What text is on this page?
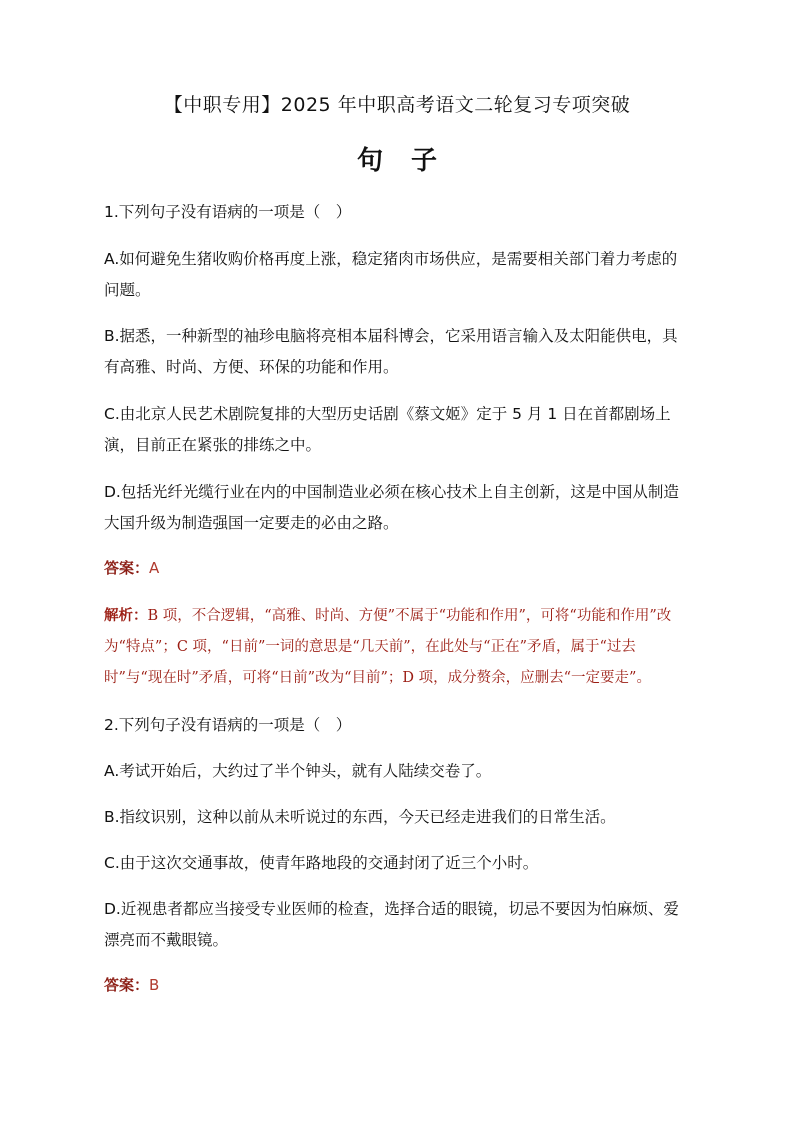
【中职专用】2025 年中职高考语文二轮复习专项突破
句子

1.下列句子没有语病的一项是（　）

A.如何避免生猪收购价格再度上涨，稳定猪肉市场供应，是需要相关部门着力考虑的问题。

B.据悉，一种新型的袖珍电脑将亮相本届科博会，它采用语言输入及太阳能供电，具有高雅、时尚、方便、环保的功能和作用。

C.由北京人民艺术剧院复排的大型历史话剧《蔡文姬》定于 5 月 1 日在首都剧场上演，目前正在紧张的排练之中。

D.包括光纤光缆行业在内的中国制造业必须在核心技术上自主创新，这是中国从制造大国升级为制造强国一定要走的必由之路。

答案：A

解析：B 项，不合逻辑，“高雅、时尚、方便”不属于“功能和作用”，可将“功能和作用”改为“特点”；C 项，“日前”一词的意思是“几天前”，在此处与“正在”矛盾，属于“过去时”与“现在时”矛盾，可将“日前”改为“目前”；D 项，成分赘余，应删去“一定要走”。

2.下列句子没有语病的一项是（　）

A.考试开始后，大约过了半个钟头，就有人陆续交卷了。

B.指纹识别，这种以前从未听说过的东西，今天已经走进我们的日常生活。

C.由于这次交通事故，使青年路地段的交通封闭了近三个小时。

D.近视患者都应当接受专业医师的检查，选择合适的眼镜，切忌不要因为怕麻烦、爱漂亮而不戴眼镜。

答案：B
